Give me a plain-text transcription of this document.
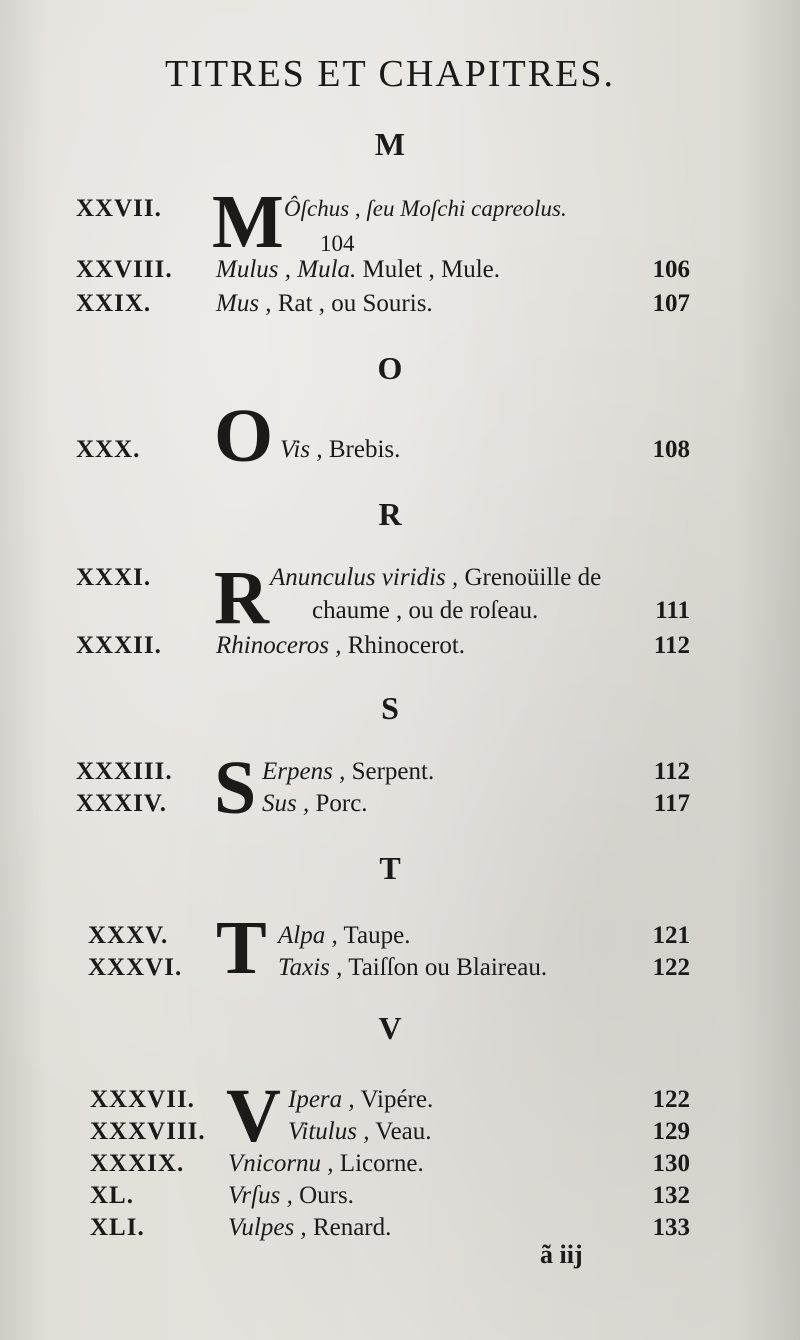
TITRES ET CHAPITRES.
M
M
XXVII.	Ôſchus , ſeu Moſchi capreolus.
104
XXVIII. Mulus , Mula. Mulet , Mule.	106
XXIX.	Mus , Rat , ou Souris.	107
O
O
XXX.	Vis , Brebis.	108
R
R
XXXI.	Anunculus viridis , Grenoüille de
chaume , ou de roſeau.	111
XXXII. Rhinoceros , Rhinocerot.	112
S
S
XXXIII.	Erpens , Serpent.	112
XXXIV.	Sus , Porc.	117
T
T
XXXV.	Alpa , Taupe.	121
XXXVI.	Taxis , Taiſſon ou Blaireau.	122
V
V
XXXVII.	Ipera , Vipére.	122
XXXVIII.	Vitulus , Veau.	129
XXXIX. Vnicornu , Licorne.	130
XL.	Vrſus , Ours.	132
XLI.	Vulpes , Renard.	133
ã iij
